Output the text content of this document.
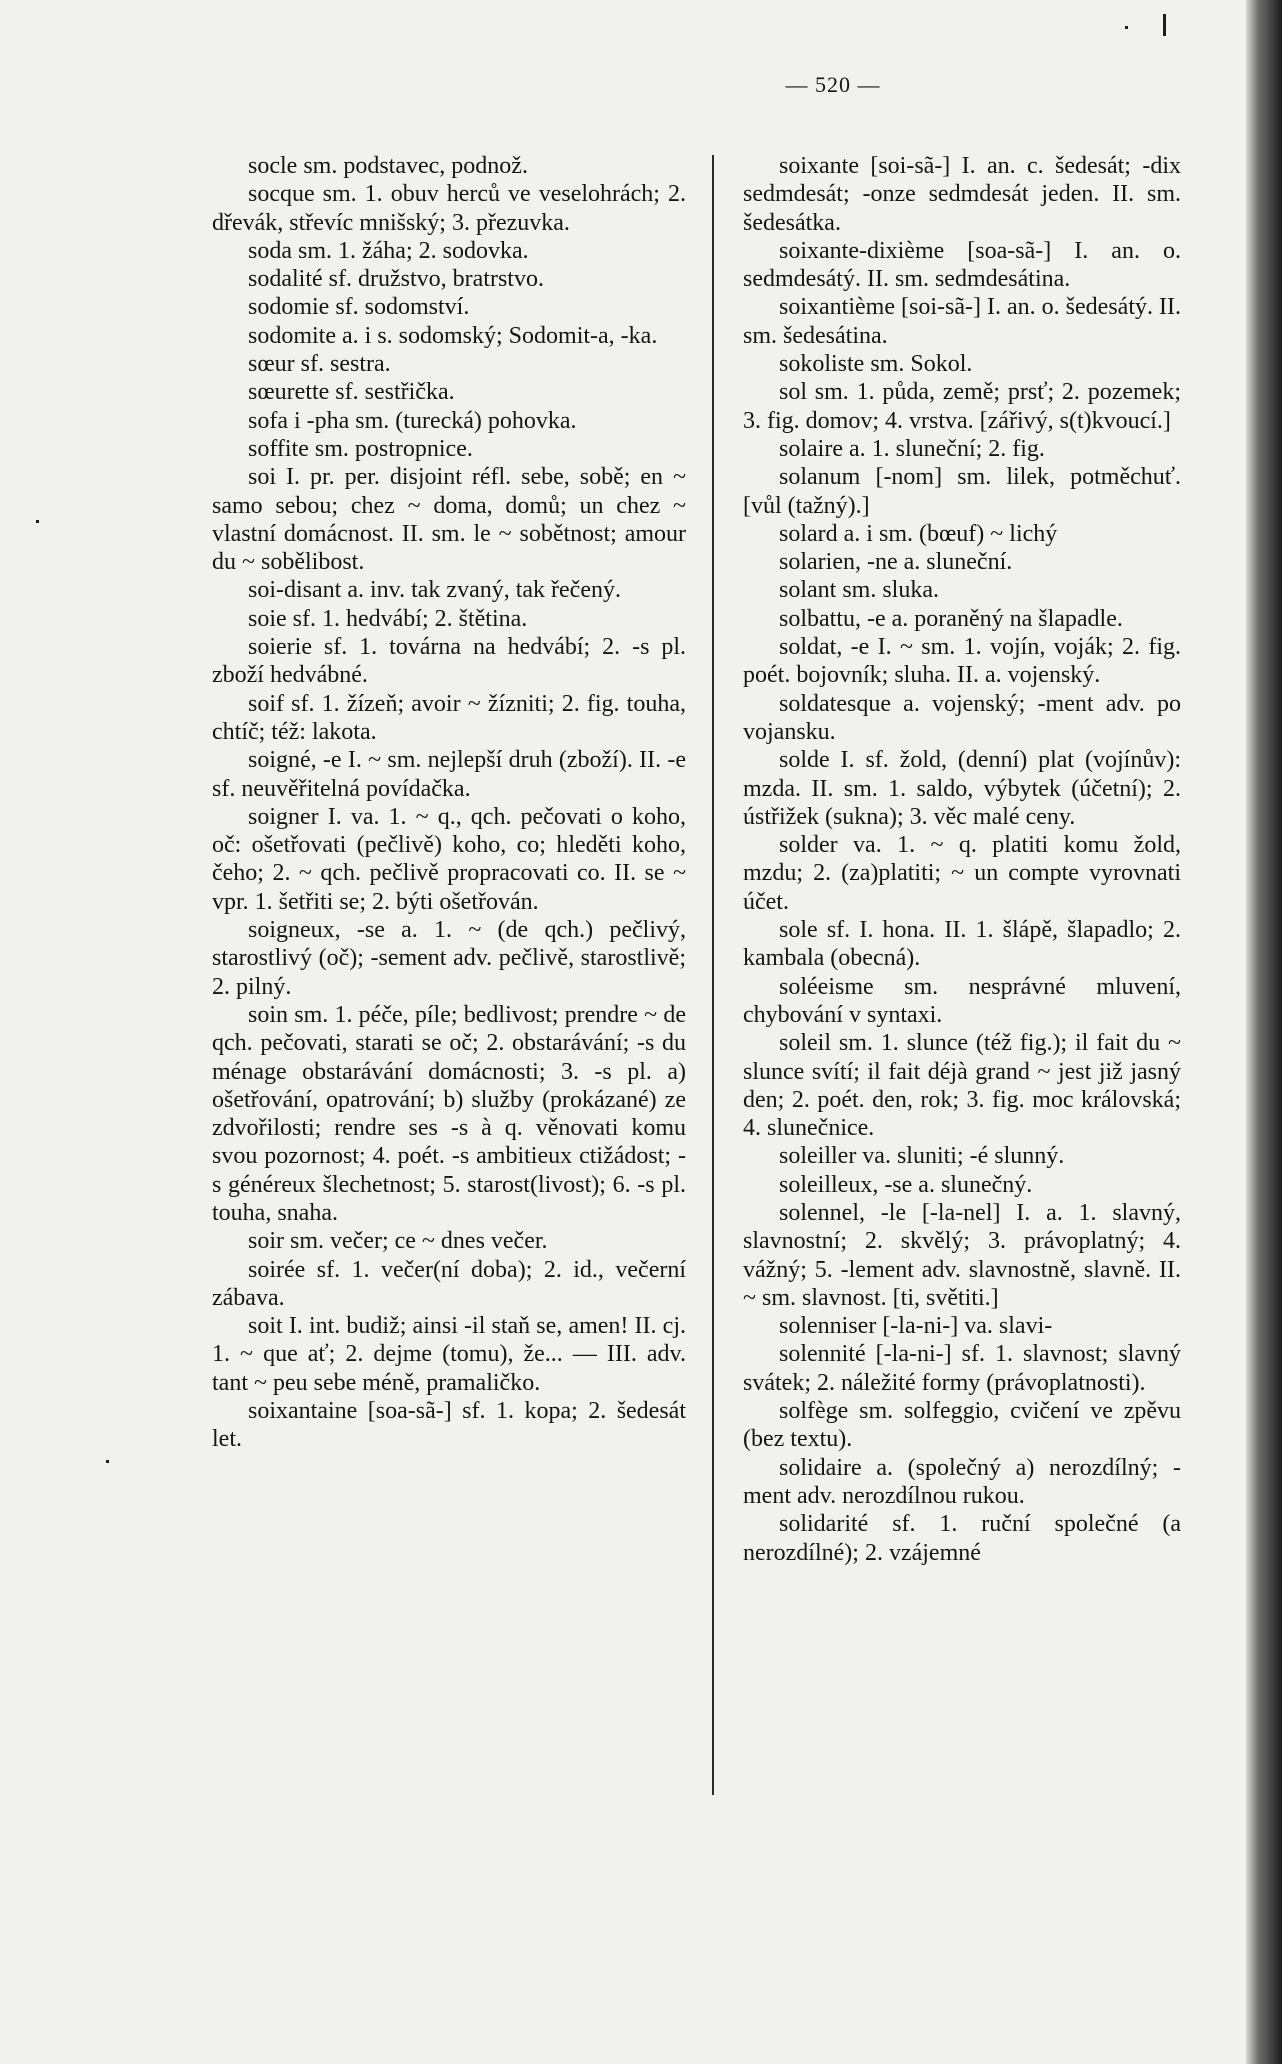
— 520 —

socle sm. podstavec, podnož.

socque sm. 1. obuv herců ve veselohrách; 2. dřevák, střevíc mnišský; 3. přezuvka.

soda sm. 1. žáha; 2. sodovka.

sodalité sf. družstvo, bratrstvo.

sodomie sf. sodomství.

sodomite a. i s. sodomský; Sodomit-a, -ka.

sœur sf. sestra.

sœurette sf. sestřička.

sofa i -pha sm. (turecká) pohovka.

soffite sm. postropnice.

soi I. pr. per. disjoint réfl. sebe, sobě; en ~ samo sebou; chez ~ doma, domů; un chez ~ vlastní domácnost. II. sm. le ~ sobětnost; amour du ~ sobělibost.

soi-disant a. inv. tak zvaný, tak řečený.

soie sf. 1. hedvábí; 2. štětina.

soierie sf. 1. továrna na hedvábí; 2. -s pl. zboží hedvábné.

soif sf. 1. žízeň; avoir ~ žízniti; 2. fig. touha, chtíč; též: lakota.

soigné, -e I. ~ sm. nejlepší druh (zboží). II. -e sf. neuvěřitelná povídačka.

soigner I. va. 1. ~ q., qch. pečovati o koho, oč: ošetřovati (pečlivě) koho, co; hleděti koho, čeho; 2. ~ qch. pečlivě propracovati co. II. se ~ vpr. 1. šetřiti se; 2. býti ošetřován.

soigneux, -se a. 1. ~ (de qch.) pečlivý, starostlivý (oč); -sement adv. pečlivě, starostlivě; 2. pilný.

soin sm. 1. péče, píle; bedlivost; prendre ~ de qch. pečovati, starati se oč; 2. obstarávání; -s du ménage obstarávání domácnosti; 3. -s pl. a) ošetřování, opatrování; b) služby (prokázané) ze zdvořilosti; rendre ses -s à q. věnovati komu svou pozornost; 4. poét. -s ambitieux ctižádost; -s généreux šlechetnost; 5. starost(livost); 6. -s pl. touha, snaha.

soir sm. večer; ce ~ dnes večer.

soirée sf. 1. večer(ní doba); 2. id., večerní zábava.

soit I. int. budiž; ainsi -il staň se, amen! II. cj. 1. ~ que ať; 2. dejme (tomu), že... — III. adv. tant ~ peu sebe méně, pramaličko.

soixantaine [soa-sã-] sf. 1. kopa; 2. šedesát let.

soixante [soi-sã-] I. an. c. šedesát; -dix sedmdesát; -onze sedmdesát jeden. II. sm. šedesátka.

soixante-dixième [soa-sã-] I. an. o. sedmdesátý. II. sm. sedmdesátina.

soixantième [soi-sã-] I. an. o. šedesátý. II. sm. šedesátina.

sokoliste sm. Sokol.

sol sm. 1. půda, země; prsť; 2. pozemek; 3. fig. domov; 4. vrstva. [zářivý, s(t)kvoucí.]

solaire a. 1. sluneční; 2. fig.

solanum [-nom] sm. lilek, potměchuť. [vůl (tažný).]

solard a. i sm. (bœuf) ~ lichý

solarien, -ne a. sluneční.

solant sm. sluka.

solbattu, -e a. poraněný na šlapadle.

soldat, -e I. ~ sm. 1. vojín, voják; 2. fig. poét. bojovník; sluha. II. a. vojenský.

soldatesque a. vojenský; -ment adv. po vojansku.

solde I. sf. žold, (denní) plat (vojínův): mzda. II. sm. 1. saldo, výbytek (účetní); 2. ústřižek (sukna); 3. věc malé ceny.

solder va. 1. ~ q. platiti komu žold, mzdu; 2. (za)platiti; ~ un compte vyrovnati účet.

sole sf. I. hona. II. 1. šlápě, šlapadlo; 2. kambala (obecná).

soléeisme sm. nesprávné mluvení, chybování v syntaxi.

soleil sm. 1. slunce (též fig.); il fait du ~ slunce svítí; il fait déjà grand ~ jest již jasný den; 2. poét. den, rok; 3. fig. moc královská; 4. slunečnice.

soleiller va. sluniti; -é slunný.

soleilleux, -se a. slunečný.

solennel, -le [-la-nel] I. a. 1. slavný, slavnostní; 2. skvělý; 3. právoplatný; 4. vážný; 5. -lement adv. slavnostně, slavně. II. ~ sm. slavnost. [ti, světiti.]

solenniser [-la-ni-] va. slavi-

solennité [-la-ni-] sf. 1. slavnost; slavný svátek; 2. náležité formy (právoplatnosti).

solfège sm. solfeggio, cvičení ve zpěvu (bez textu).

solidaire a. (společný a) nerozdílný; -ment adv. nerozdílnou rukou.

solidarité sf. 1. ruční společné (a nerozdílné); 2. vzájemné
